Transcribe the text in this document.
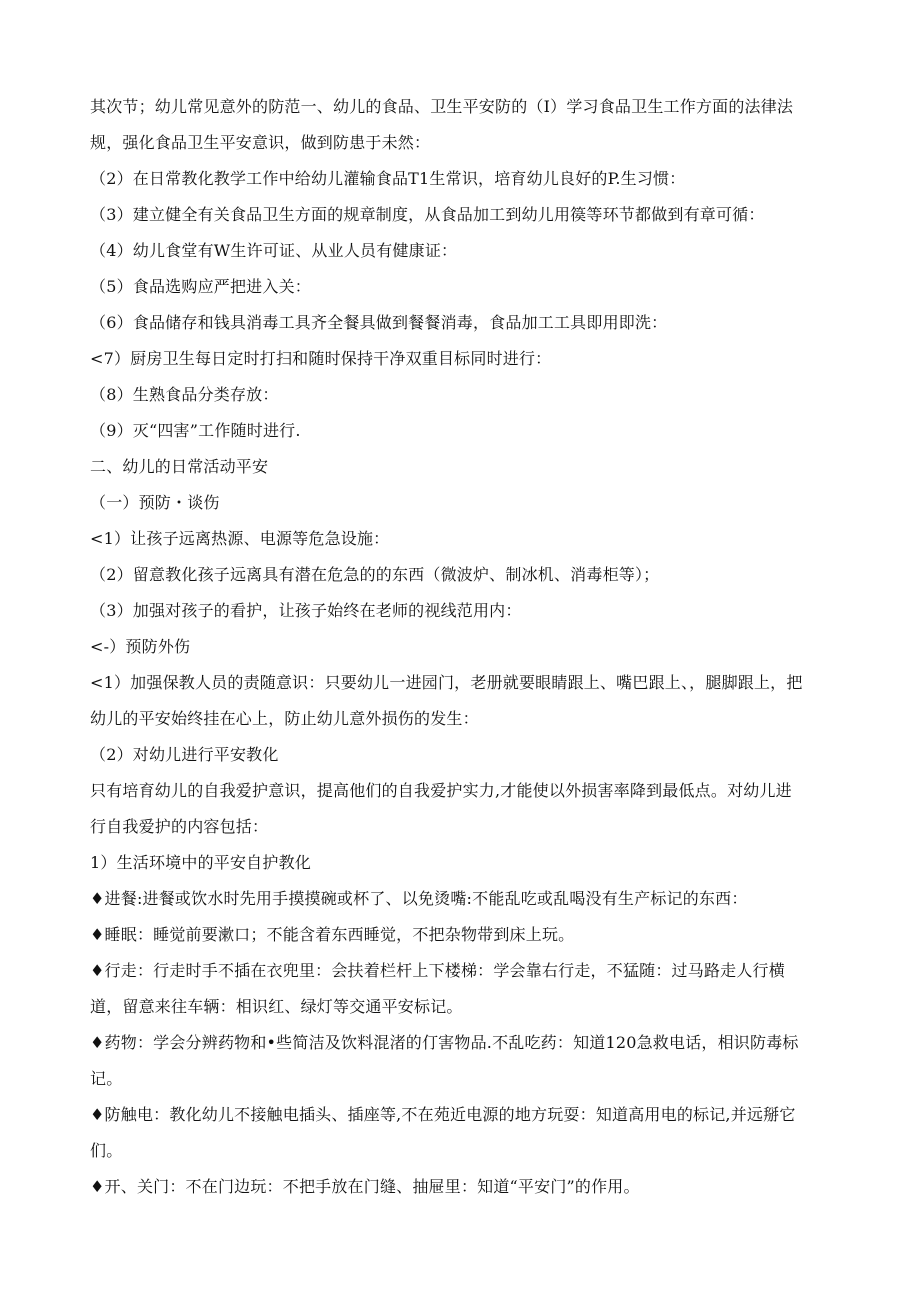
其次节；幼儿常见意外的防范一、幼儿的食品、卫生平安防的（I）学习食品卫生工作方面的法律法
规，强化食品卫生平安意识，做到防患于未然：
（2）在日常教化教学工作中给幼儿灌输食品T1生常识，培育幼儿良好的P.生习惯：
（3）建立健全有关食品卫生方面的规章制度，从食品加工到幼儿用篌等环节都做到有章可循：
（4）幼儿食堂有W生许可证、从业人员有健康证：
（5）食品选购应严把进入关：
（6）食品储存和钱具消毒工具齐全餐具做到餐餐消毒，食品加工工具即用即洗：
<7）厨房卫生每日定时打扫和随时保持干净双重目标同时进行：
（8）生熟食品分类存放：
（9）灭“四害”工作随时进行.
二、幼儿的日常活动平安
（一）预防・谈伤
<1）让孩子远离热源、电源等危急设施：
（2）留意教化孩子远离具有潜在危急的的东西（微波炉、制冰机、消毒柜等）；
（3）加强对孩子的看护，让孩子始终在老师的视线范用内：
<-）预防外伤
<1）加强保教人员的责随意识：只要幼儿一进园门，老册就要眼睛跟上、嘴巴跟上、，腿脚跟上，把
幼儿的平安始终挂在心上，防止幼儿意外损伤的发生：
（2）对幼儿进行平安教化
只有培育幼儿的自我爱护意识，提高他们的自我爱护实力,才能使以外损害率降到最低点。对幼儿进
行自我爱护的内容包括：
1）生活环境中的平安自护教化
♦进餐:进餐或饮水时先用手摸摸碗或杯了、以免烫嘴:不能乱吃或乱喝没有生产标记的东西：
♦睡眠：睡觉前要漱口；不能含着东西睡觉，不把杂物带到床上玩。
♦行走：行走时手不插在衣兜里：会扶着栏杆上下楼梯：学会靠右行走，不猛随：过马路走人行横
道，留意来往车辆：相识红、绿灯等交通平安标记。
♦药物：学会分辨药物和•些简洁及饮料混渚的仃害物品.不乱吃药：知道120急救电话，相识防毒标
记。
♦防触电：教化幼儿不接触电插头、插座等,不在苑近电源的地方玩耍：知道高用电的标记,并远掰它
们。
♦开、关门：不在门边玩：不把手放在门缝、抽屉里：知道“平安门”的作用。
